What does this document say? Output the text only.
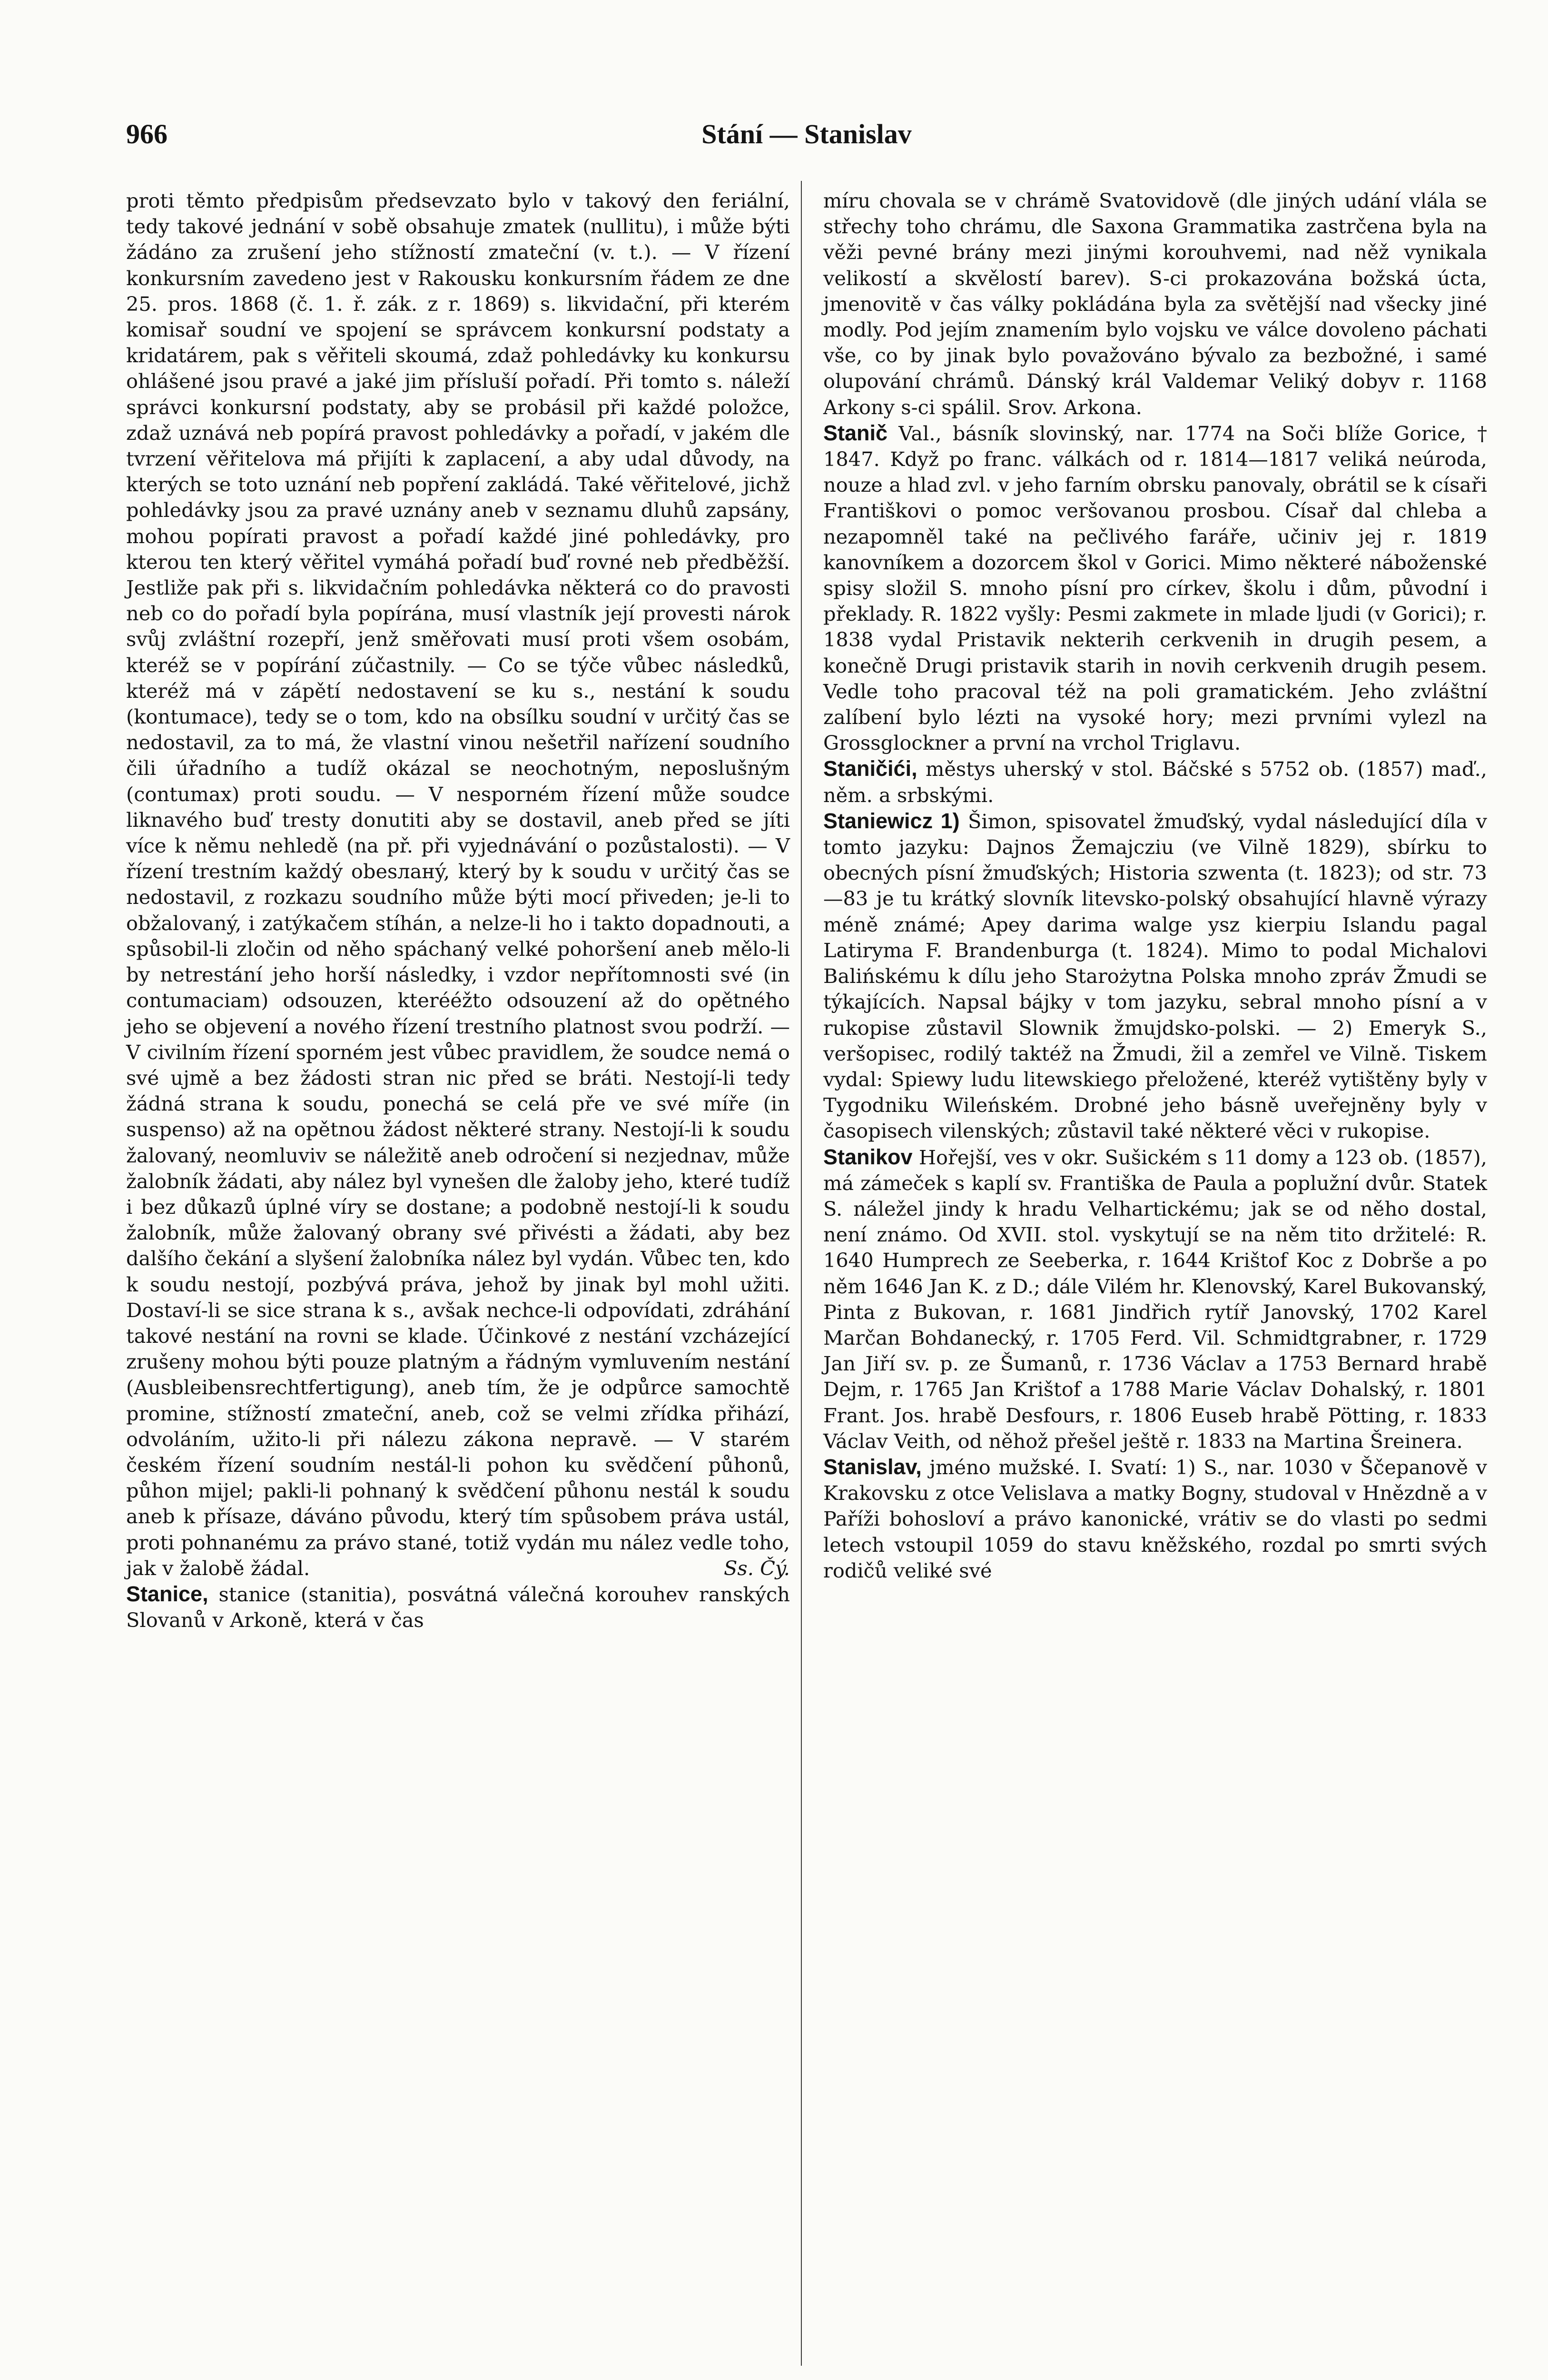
966	Stání — Stanislav

proti těmto předpisům předsevzato bylo v takový den feriální, tedy takové jednání v sobě obsahuje zmatek (nullitu), i může býti žádáno za zrušení jeho stížností zmateční (v. t.). — V řízení konkursním zavedeno jest v Rakousku konkursním řádem ze dne 25. pros. 1868 (č. 1. ř. zák. z r. 1869) s. likvidační, při kterém komisař soudní ve spojení se správcem konkursní podstaty a kridatárem, pak s věřiteli skoumá, zdaž pohledávky ku konkursu ohlášené jsou pravé a jaké jim přísluší pořadí. Při tomto s. náleží správci konkursní podstaty, aby se probásil při každé položce, zdaž uznává neb popírá pravost pohledávky a pořadí, v jakém dle tvrzení věřitelova má přijíti k zaplacení, a aby udal důvody, na kterých se toto uznání neb popření zakládá. Také věřitelové, jichž pohledávky jsou za pravé uznány aneb v seznamu dluhů zapsány, mohou popírati pravost a pořadí každé jiné pohledávky, pro kterou ten který věřitel vymáhá pořadí buď rovné neb předběžší. Jestliže pak při s. likvidačním pohledávka některá co do pravosti neb co do pořadí byla popírána, musí vlastník její provesti nárok svůj zvláštní rozepří, jenž směřovati musí proti všem osobám, kteréž se v popírání zúčastnily. — Co se týče vůbec následků, kteréž má v zápětí nedostavení se ku s., nestání k soudu (kontumace), tedy se o tom, kdo na obsílku soudní v určitý čas se nedostavil, za to má, že vlastní vinou nešetřil nařízení soudního čili úřadního a tudíž okázal se neochotným, neposlušným (contumax) proti soudu. — V nesporném řízení může soudce liknavého buď tresty donutiti aby se dostavil, aneb před se jíti více k němu nehledě (na př. při vyjednávání o pozůstalosti). — V řízení trestním každý obesланý, který by k soudu v určitý čas se nedostavil, z rozkazu soudního může býti mocí přiveden; je-li to obžalovaný, i zatýkačem stíhán, a nelze-li ho i takto dopadnouti, a spůsobil-li zločin od něho spáchaný velké pohoršení aneb mělo-li by netrestání jeho horší následky, i vzdor nepřítomnosti své (in contumaciam) odsouzen, kterééžto odsouzení až do opětného jeho se objevení a nového řízení trestního platnost svou podrží. — V civilním řízení sporném jest vůbec pravidlem, že soudce nemá o své ujmě a bez žádosti stran nic před se bráti. Nestojí-li tedy žádná strana k soudu, ponechá se celá pře ve své míře (in suspenso) až na opětnou žádost některé strany. Nestojí-li k soudu žalovaný, neomluviv se náležitě aneb odročení si nezjednav, může žalobník žádati, aby nález byl vynešen dle žaloby jeho, které tudíž i bez důkazů úplné víry se dostane; a podobně nestojí-li k soudu žalobník, může žalovaný obrany své přivésti a žádati, aby bez dalšího čekání a slyšení žalobníka nález byl vydán. Vůbec ten, kdo k soudu nestojí, pozbývá práva, jehož by jinak byl mohl užiti. Dostaví-li se sice strana k s., avšak nechce-li odpovídati, zdráhání takové nestání na rovni se klade. Účinkové z nestání vzcházející zrušeny mohou býti pouze platným a řádným vymluvením nestání (Ausbleibensrechtfertigung), aneb tím, že je odpůrce samochtě promine, stížností zmateční, aneb, což se velmi zřídka přihází, odvoláním, užito-li při nálezu zákona nepravě. — V starém českém řízení soudním nestál-li pohon ku svědčení půhonů, půhon mijel; pakli-li pohnaný k svědčení půhonu nestál k soudu aneb k přísaze, dáváno původu, který tím spůsobem práva ustál, proti pohnanému za právo stané, totiž vydán mu nález vedle toho, jak v žalobě žádal.	Ss. Čý.

Stanice, stanice (stanitia), posvátná válečná korouhev ranských Slovanů v Arkoně, která v čas

míru chovala se v chrámě Svatovidově (dle jiných udání vlála se střechy toho chrámu, dle Saxona Grammatika zastrčena byla na věži pevné brány mezi jinými korouhvemi, nad něž vynikala velikostí a skvělostí barev). S-ci prokazována božská úcta, jmenovitě v čas války pokládána byla za světější nad všecky jiné modly. Pod jejím znamením bylo vojsku ve válce dovoleno páchati vše, co by jinak bylo považováno bývalo za bezbožné, i samé olupování chrámů. Dánský král Valdemar Veliký dobyv r. 1168 Arkony s-ci spálil. Srov. Arkona.

Stanič Val., básník slovinský, nar. 1774 na Soči blíže Gorice, † 1847. Když po franc. válkách od r. 1814—1817 veliká neúroda, nouze a hlad zvl. v jeho farním obrsku panovaly, obrátil se k císaři Františkovi o pomoc veršovanou prosbou. Císař dal chleba a nezapomněl také na pečlivého faráře, učiniv jej r. 1819 kanovníkem a dozorcem škol v Gorici. Mimo některé náboženské spisy složil S. mnoho písní pro církev, školu i dům, původní i překlady. R. 1822 vyšly: Pesmi zakmete in mlade ljudi (v Gorici); r. 1838 vydal Pristavik nekterih cerkvenih in drugih pesem, a konečně Drugi pristavik starih in novih cerkvenih drugih pesem. Vedle toho pracoval též na poli gramatickém. Jeho zvláštní zalíbení bylo lézti na vysoké hory; mezi prvními vylezl na Grossglockner a první na vrchol Triglavu.

Staničići, městys uherský v stol. Báčské s 5752 ob. (1857) maď., něm. a srbskými.

Staniewicz 1) Šimon, spisovatel žmuďský, vydal následující díla v tomto jazyku: Dajnos Žemajcziu (ve Vilně 1829), sbírku to obecných písní žmuďských; Historia szwenta (t. 1823); od str. 73 —83 je tu krátký slovník litevsko-polský obsahující hlavně výrazy méně známé; Apey darima walge ysz kierpiu Islandu pagal Latiryma F. Brandenburga (t. 1824). Mimo to podal Michalovi Balińskému k dílu jeho Starożytna Polska mnoho zpráv Žmudi se týkajících. Napsal bájky v tom jazyku, sebral mnoho písní a v rukopise zůstavil Slownik žmujdsko-polski. — 2) Emeryk S., veršopisec, rodilý taktéž na Žmudi, žil a zemřel ve Vilně. Tiskem vydal: Spiewy ludu litewskiego přeložené, kteréž vytištěny byly v Tygodniku Wileńském. Drobné jeho básně uveřejněny byly v časopisech vilenských; zůstavil také některé věci v rukopise.

Stanikov Hořejší, ves v okr. Sušickém s 11 domy a 123 ob. (1857), má zámeček s kaplí sv. Františka de Paula a poplužní dvůr. Statek S. náležel jindy k hradu Velhartickému; jak se od něho dostal, není známo. Od XVII. stol. vyskytují se na něm tito držitelé: R. 1640 Humprech ze Seeberka, r. 1644 Krištof Koc z Dobrše a po něm 1646 Jan K. z D.; dále Vilém hr. Klenovský, Karel Bukovanský, Pinta z Bukovan, r. 1681 Jindřich rytíř Janovský, 1702 Karel Marčan Bohdanecký, r. 1705 Ferd. Vil. Schmidtgrabner, r. 1729 Jan Jiří sv. p. ze Šumanů, r. 1736 Václav a 1753 Bernard hrabě Dejm, r. 1765 Jan Krištof a 1788 Marie Václav Dohalský, r. 1801 Frant. Jos. hrabě Desfours, r. 1806 Euseb hrabě Pötting, r. 1833 Václav Veith, od něhož přešel ještě r. 1833 na Martina Šreinera.

Stanislav, jméno mužské. I. Svatí: 1) S., nar. 1030 v Ščepanově v Krakovsku z otce Velislava a matky Bogny, studoval v Hnězdně a v Paříži bohosloví a právo kanonické, vrátiv se do vlasti po sedmi letech vstoupil 1059 do stavu kněžského, rozdal po smrti svých rodičů veliké své
